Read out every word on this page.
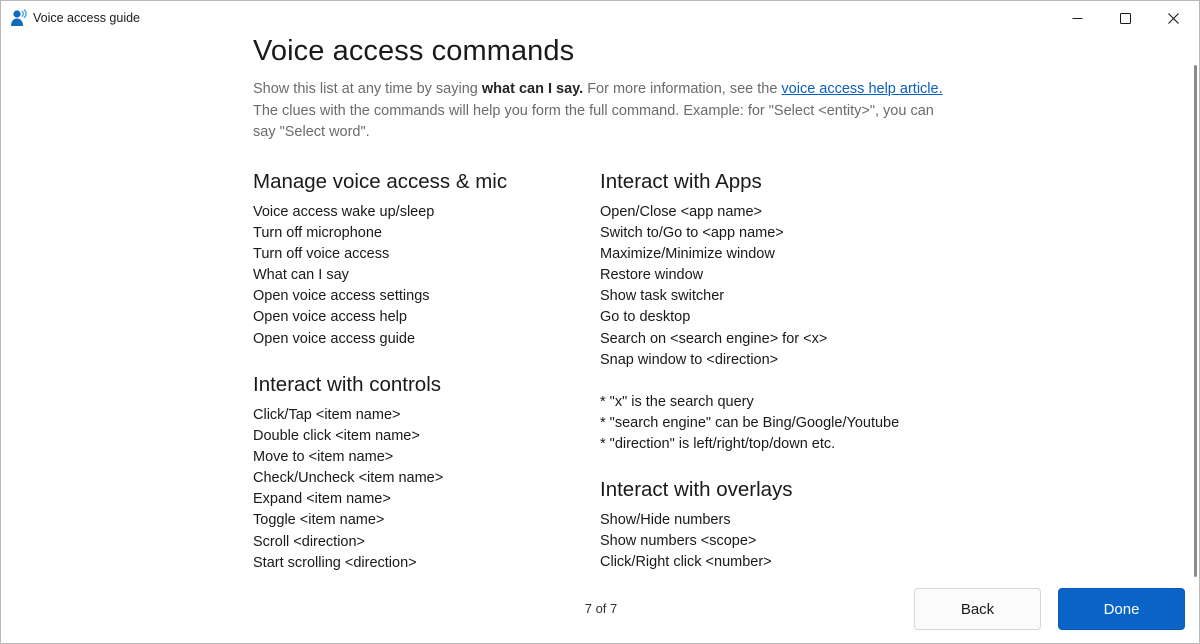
Voice access guide
Voice access commands

Show this list at any time by saying what can I say. For more information, see the voice access help article.
The clues with the commands will help you form the full command. Example: for "Select <entity>", you can say "Select word".

Manage voice access & mic
Voice access wake up/sleep
Turn off microphone
Turn off voice access
What can I say
Open voice access settings
Open voice access help
Open voice access guide
Interact with controls
Click/Tap <item name>
Double click <item name>
Move to <item name>
Check/Uncheck <item name>
Expand <item name>
Toggle <item name>
Scroll <direction>
Start scrolling <direction>
Interact with Apps
Open/Close <app name>
Switch to/Go to <app name>
Maximize/Minimize window
Restore window
Show task switcher
Go to desktop
Search on <search engine> for <x>
Snap window to <direction>
* "x" is the search query
* "search engine" can be Bing/Google/Youtube
* "direction" is left/right/top/down etc.
Interact with overlays
Show/Hide numbers
Show numbers <scope>
Click/Right click <number>
7 of 7	Back	Done
